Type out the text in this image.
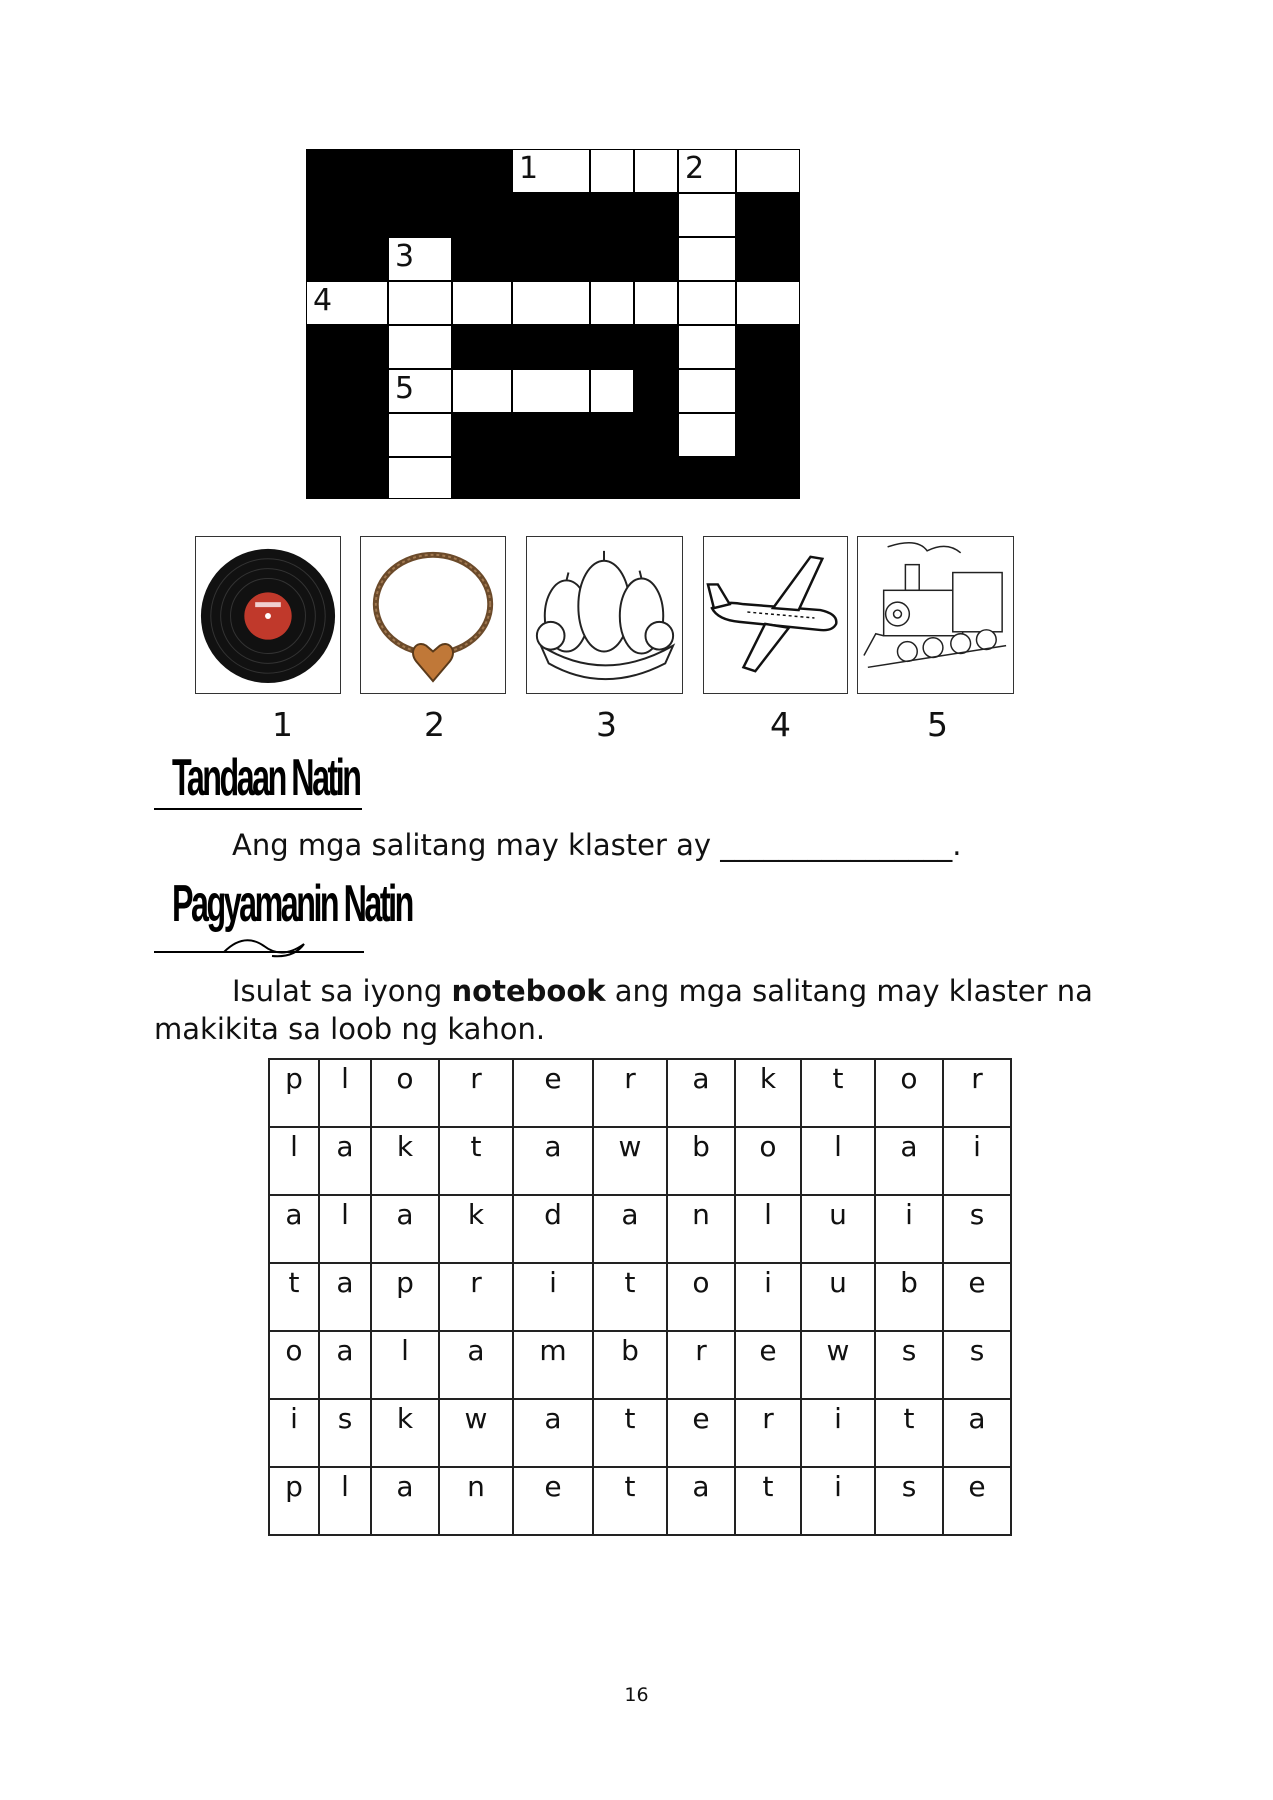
1	2
3
4
5
1	2	3	4	5
Tandaan Natin
Ang mga salitang may klaster ay ________________.
Pagyamanin Natin
Isulat sa iyong notebook ang mga salitang may klaster na
makikita sa loob ng kahon.
p	l	o	r	e	r	a	k	t	o	r
l	a	k	t	a	w	b	o	l	a	i
a	l	a	k	d	a	n	l	u	i	s
t	a	p	r	i	t	o	i	u	b	e
o	a	l	a	m	b	r	e	w	s	s
i	s	k	w	a	t	e	r	i	t	a
p	l	a	n	e	t	a	t	i	s	e
16
